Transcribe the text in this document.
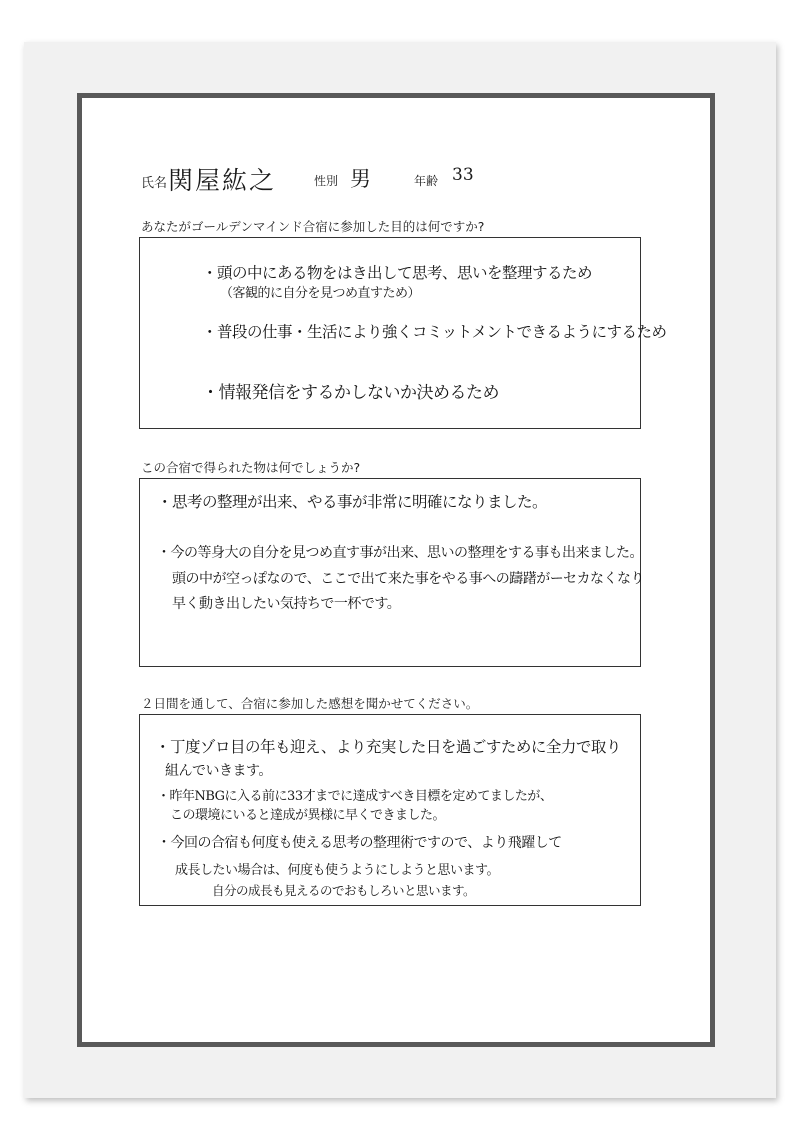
氏名 関屋紘之	性別 男	年齢 33
あなたがゴールデンマインド合宿に参加した目的は何ですか?
・頭の中にある物をはき出して思考、思いを整理するため
（客観的に自分を見つめ直すため）
・普段の仕事・生活により強くコミットメントできるようにするため
・情報発信をするかしないか決めるため
この合宿で得られた物は何でしょうか?
・思考の整理が出来、やる事が非常に明確になりました。
・今の等身大の自分を見つめ直す事が出来、思いの整理をする事も出来ました。
頭の中が空っぽなので、ここで出て来た事をやる事への躊躇がーセカなくなり
早く動き出したい気持ちで一杯です。
２日間を通して、合宿に参加した感想を聞かせてください。
・丁度ゾロ目の年も迎え、より充実した日を過ごすために全力で取り
組んでいきます。
・昨年NBGに入る前に33才までに達成すべき目標を定めてましたが、
この環境にいると達成が異様に早くできました。
・今回の合宿も何度も使える思考の整理術ですので、より飛躍して
成長したい場合は、何度も使うようにしようと思います。
自分の成長も見えるのでおもしろいと思います。
